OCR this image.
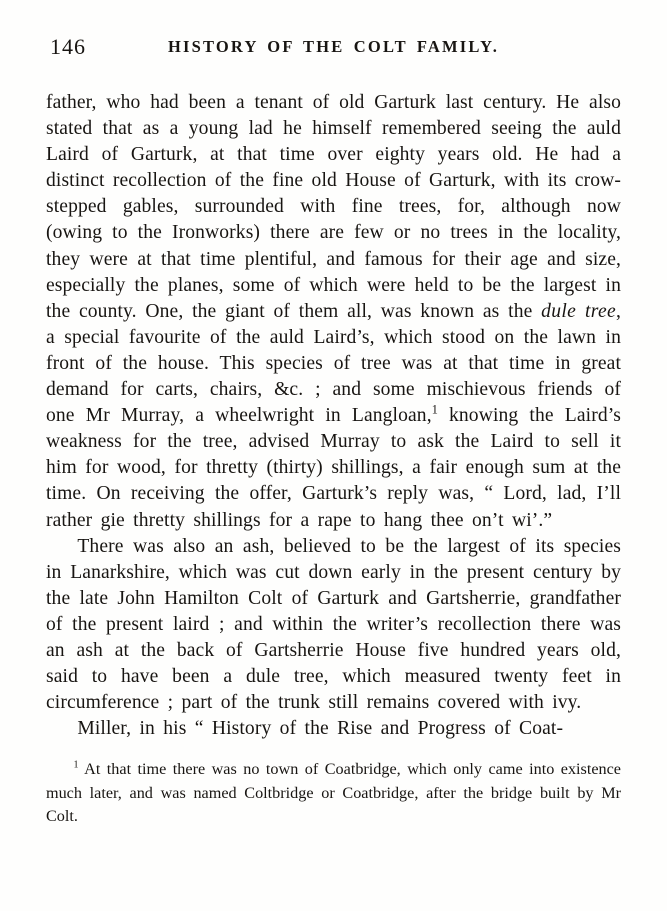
146	HISTORY OF THE COLT FAMILY.

father, who had been a tenant of old Garturk last century. He also stated that as a young lad he himself remembered seeing the auld Laird of Garturk, at that time over eighty years old. He had a distinct recollection of the fine old House of Garturk, with its crow-stepped gables, surrounded with fine trees, for, although now (owing to the Ironworks) there are few or no trees in the locality, they were at that time plentiful, and famous for their age and size, especially the planes, some of which were held to be the largest in the county. One, the giant of them all, was known as the dule tree, a special favourite of the auld Laird’s, which stood on the lawn in front of the house. This species of tree was at that time in great demand for carts, chairs, &c. ; and some mischievous friends of one Mr Murray, a wheelwright in Langloan,$^1$ knowing the Laird’s weakness for the tree, advised Murray to ask the Laird to sell it him for wood, for thretty (thirty) shillings, a fair enough sum at the time. On receiving the offer, Garturk’s reply was, “ Lord, lad, I’ll rather gie thretty shillings for a rape to hang thee on’t wi’.”

There was also an ash, believed to be the largest of its species in Lanarkshire, which was cut down early in the present century by the late John Hamilton Colt of Garturk and Gartsherrie, grandfather of the present laird ; and within the writer’s recollection there was an ash at the back of Gartsherrie House five hundred years old, said to have been a dule tree, which measured twenty feet in circumference ; part of the trunk still remains covered with ivy.

Miller, in his “ History of the Rise and Progress of Coat-

$^1$ At that time there was no town of Coatbridge, which only came into existence much later, and was named Coltbridge or Coatbridge, after the bridge built by Mr Colt.
